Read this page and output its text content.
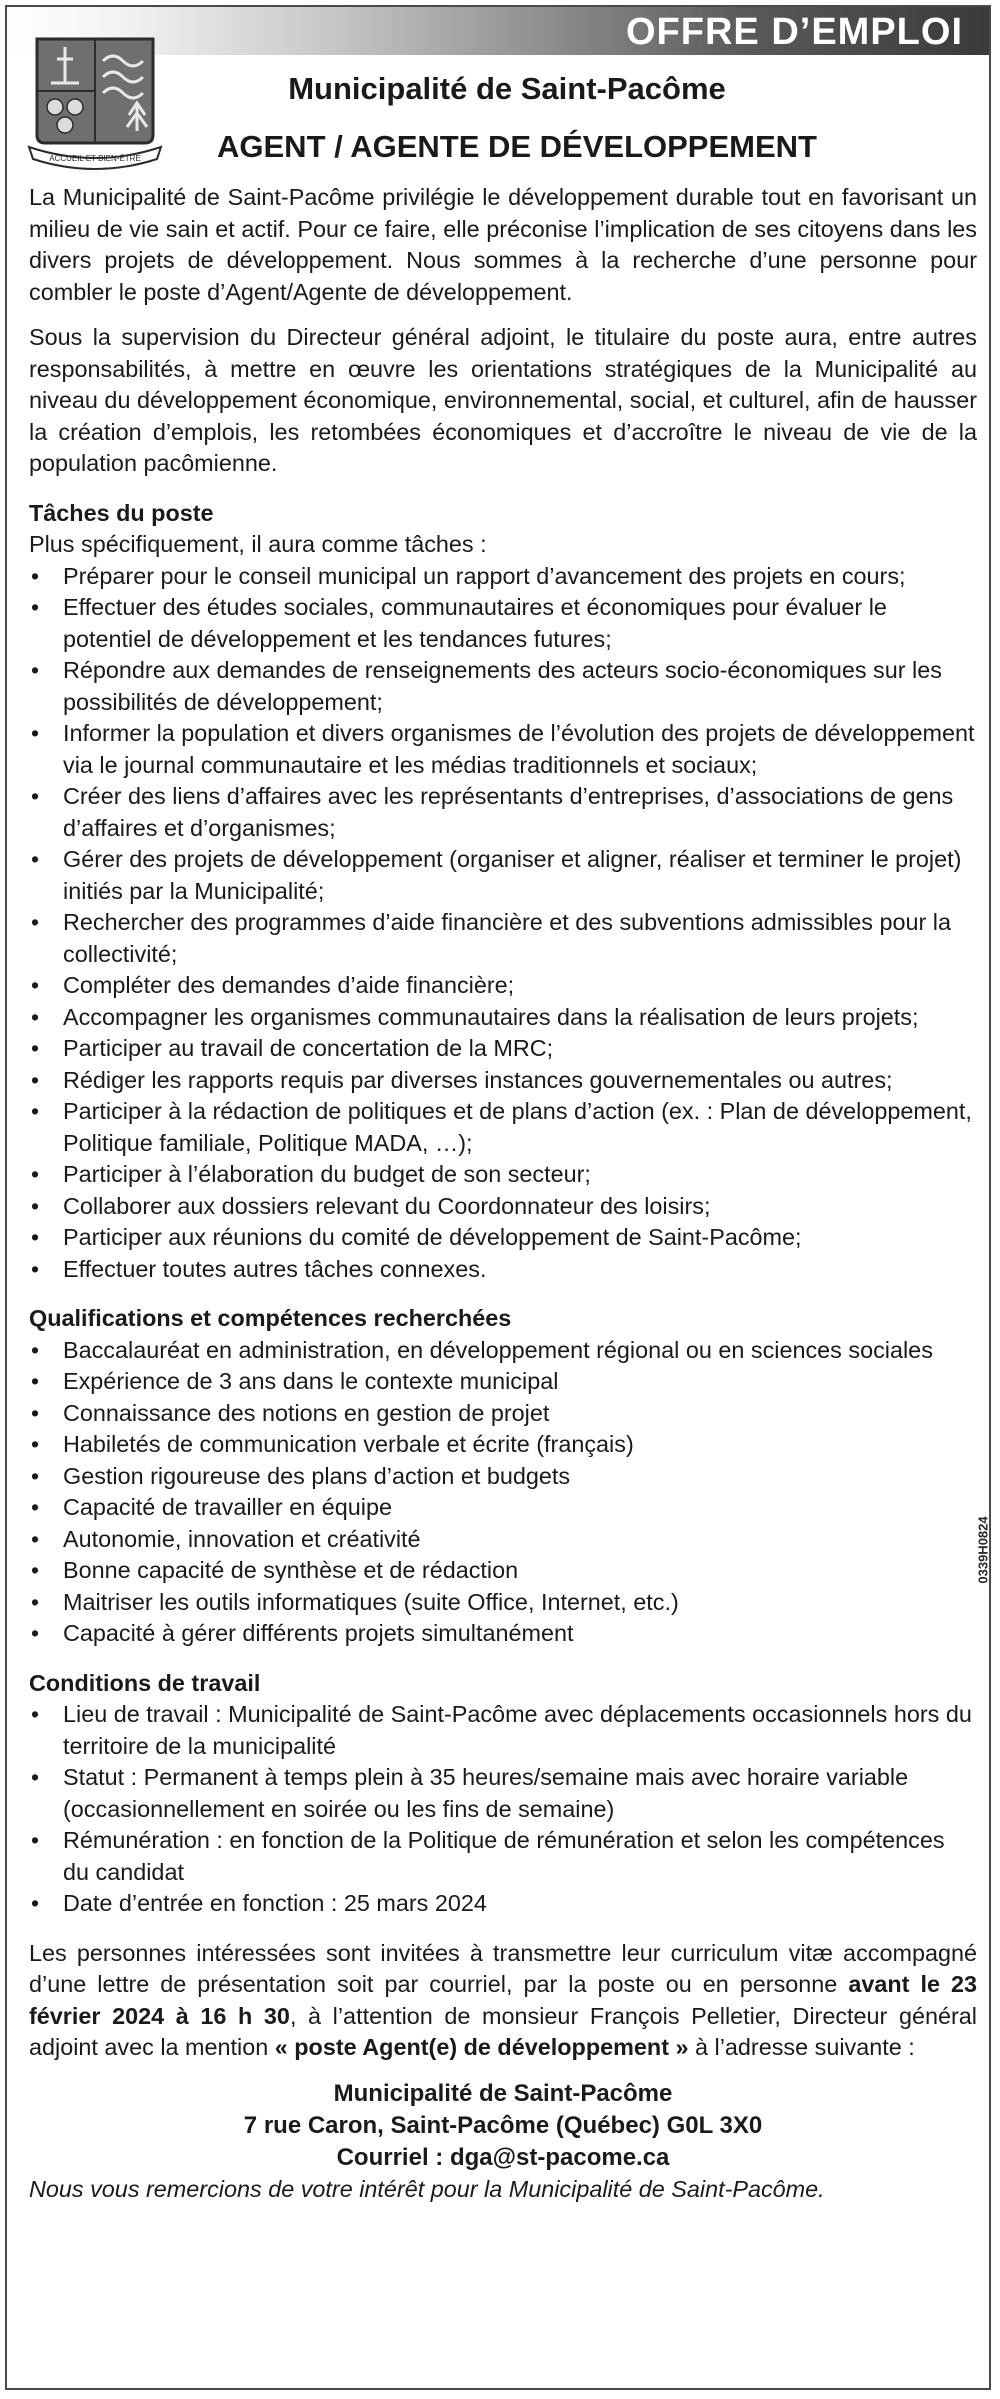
OFFRE D’EMPLOI
ACCUEIL ET BIEN-ÊTRE
Municipalité de Saint-Pacôme
AGENT / AGENTE DE DÉVELOPPEMENT

La Municipalité de Saint-Pacôme privilégie le développement durable tout en favorisant un milieu de vie sain et actif. Pour ce faire, elle préconise l’implication de ses citoyens dans les divers projets de développement. Nous sommes à la recherche d’une personne pour combler le poste d’Agent/Agente de développement.

Sous la supervision du Directeur général adjoint, le titulaire du poste aura, entre autres responsabilités, à mettre en œuvre les orientations stratégiques de la Municipalité au niveau du développement économique, environnemental, social, et culturel, afin de hausser la création d’emplois, les retombées économiques et d’accroître le niveau de vie de la population pacômienne.

Tâches du poste

Plus spécifiquement, il aura comme tâches :

• Préparer pour le conseil municipal un rapport d’avancement des projets en cours;
• Effectuer des études sociales, communautaires et économiques pour évaluer le potentiel de développement et les tendances futures;
• Répondre aux demandes de renseignements des acteurs socio-économiques sur les possibilités de développement;
• Informer la population et divers organismes de l’évolution des projets de développement via le journal communautaire et les médias traditionnels et sociaux;
• Créer des liens d’affaires avec les représentants d’entreprises, d’associations de gens d’affaires et d’organismes;
• Gérer des projets de développement (organiser et aligner, réaliser et terminer le projet) initiés par la Municipalité;
• Rechercher des programmes d’aide financière et des subventions admissibles pour la collectivité;
• Compléter des demandes d’aide financière;
• Accompagner les organismes communautaires dans la réalisation de leurs projets;
• Participer au travail de concertation de la MRC;
• Rédiger les rapports requis par diverses instances gouvernementales ou autres;
• Participer à la rédaction de politiques et de plans d’action (ex. : Plan de développement, Politique familiale, Politique MADA, …);
• Participer à l’élaboration du budget de son secteur;
• Collaborer aux dossiers relevant du Coordonnateur des loisirs;
• Participer aux réunions du comité de développement de Saint-Pacôme;
• Effectuer toutes autres tâches connexes.
Qualifications et compétences recherchées
• Baccalauréat en administration, en développement régional ou en sciences sociales
• Expérience de 3 ans dans le contexte municipal
• Connaissance des notions en gestion de projet
• Habiletés de communication verbale et écrite (français)
• Gestion rigoureuse des plans d’action et budgets
• Capacité de travailler en équipe
• Autonomie, innovation et créativité
• Bonne capacité de synthèse et de rédaction
• Maitriser les outils informatiques (suite Office, Internet, etc.)
• Capacité à gérer différents projets simultanément
Conditions de travail
• Lieu de travail : Municipalité de Saint-Pacôme avec déplacements occasionnels hors du territoire de la municipalité
• Statut : Permanent à temps plein à 35 heures/semaine mais avec horaire variable (occasionnellement en soirée ou les fins de semaine)
• Rémunération : en fonction de la Politique de rémunération et selon les compétences du candidat
• Date d’entrée en fonction : 25 mars 2024

Les personnes intéressées sont invitées à transmettre leur curriculum vitæ accompagné d’une lettre de présentation soit par courriel, par la poste ou en personne avant le 23 février 2024 à 16 h 30, à l’attention de monsieur François Pelletier, Directeur général adjoint avec la mention « poste Agent(e) de développement » à l’adresse suivante :

Municipalité de Saint-Pacôme
7 rue Caron, Saint-Pacôme (Québec) G0L 3X0
Courriel : dga@st-pacome.ca

Nous vous remercions de votre intérêt pour la Municipalité de Saint-Pacôme.

0339H0824
